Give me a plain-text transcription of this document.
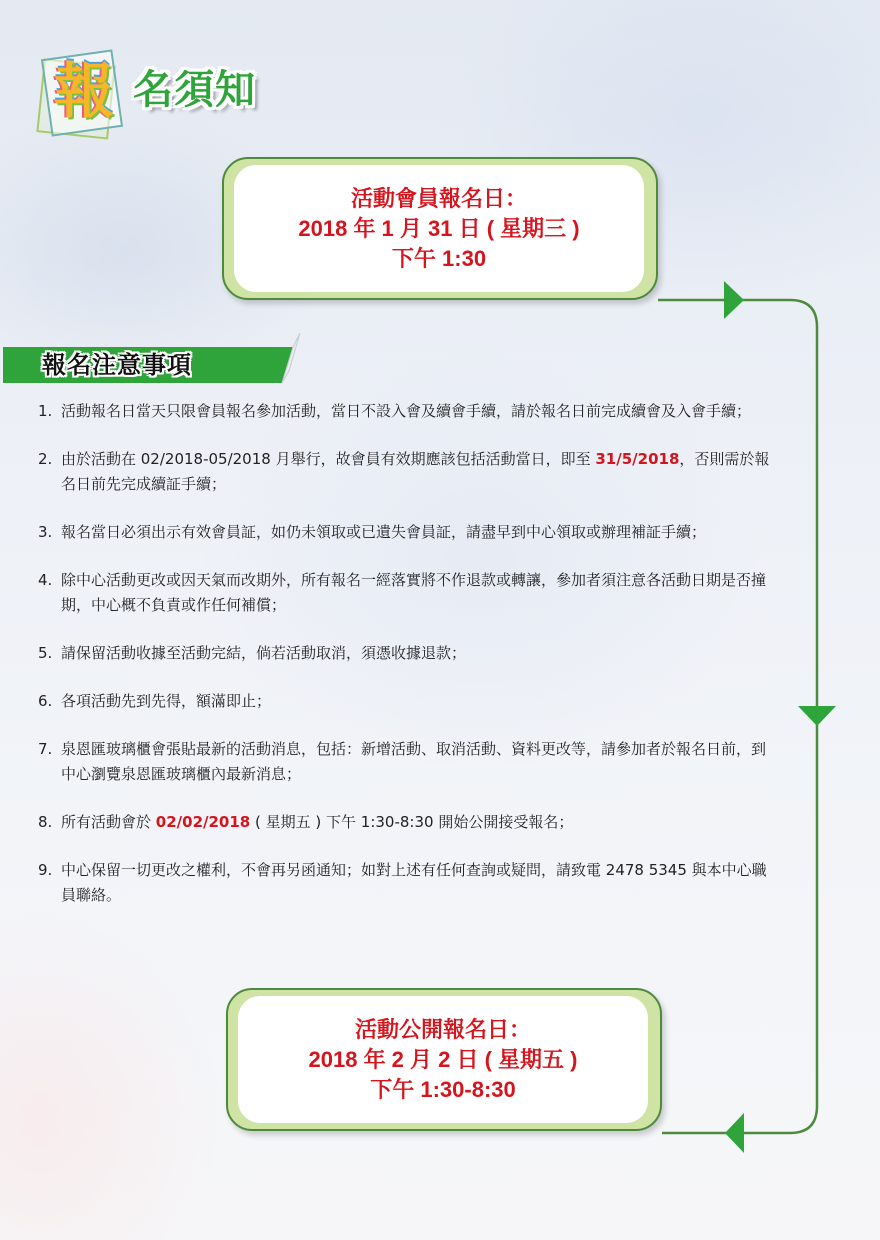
報 名須知
活動會員報名日：
2018 年 1 月 31 日 ( 星期三 )
下午 1:30
報名注意事項
1. 活動報名日當天只限會員報名參加活動，當日不設入會及續會手續，請於報名日前完成續會及入會手續；
2. 由於活動在 02/2018-05/2018 月舉行，故會員有效期應該包括活動當日，即至 31/5/2018，否則需於報名日前先完成續証手續；
3. 報名當日必須出示有效會員証，如仍未領取或已遺失會員証，請盡早到中心領取或辦理補証手續；
4. 除中心活動更改或因天氣而改期外，所有報名一經落實將不作退款或轉讓，參加者須注意各活動日期是否撞期，中心概不負責或作任何補償；
5. 請保留活動收據至活動完結，倘若活動取消，須憑收據退款；
6. 各項活動先到先得，額滿即止；
7. 泉恩匯玻璃櫃會張貼最新的活動消息，包括：新增活動、取消活動、資料更改等，請參加者於報名日前，到中心瀏覽泉恩匯玻璃櫃內最新消息；
8. 所有活動會於 02/02/2018 ( 星期五 ) 下午 1:30-8:30 開始公開接受報名；
9. 中心保留一切更改之權利，不會再另函通知；如對上述有任何查詢或疑問，請致電 2478 5345 與本中心職員聯絡。
活動公開報名日：
2018 年 2 月 2 日 ( 星期五 )
下午 1:30-8:30
